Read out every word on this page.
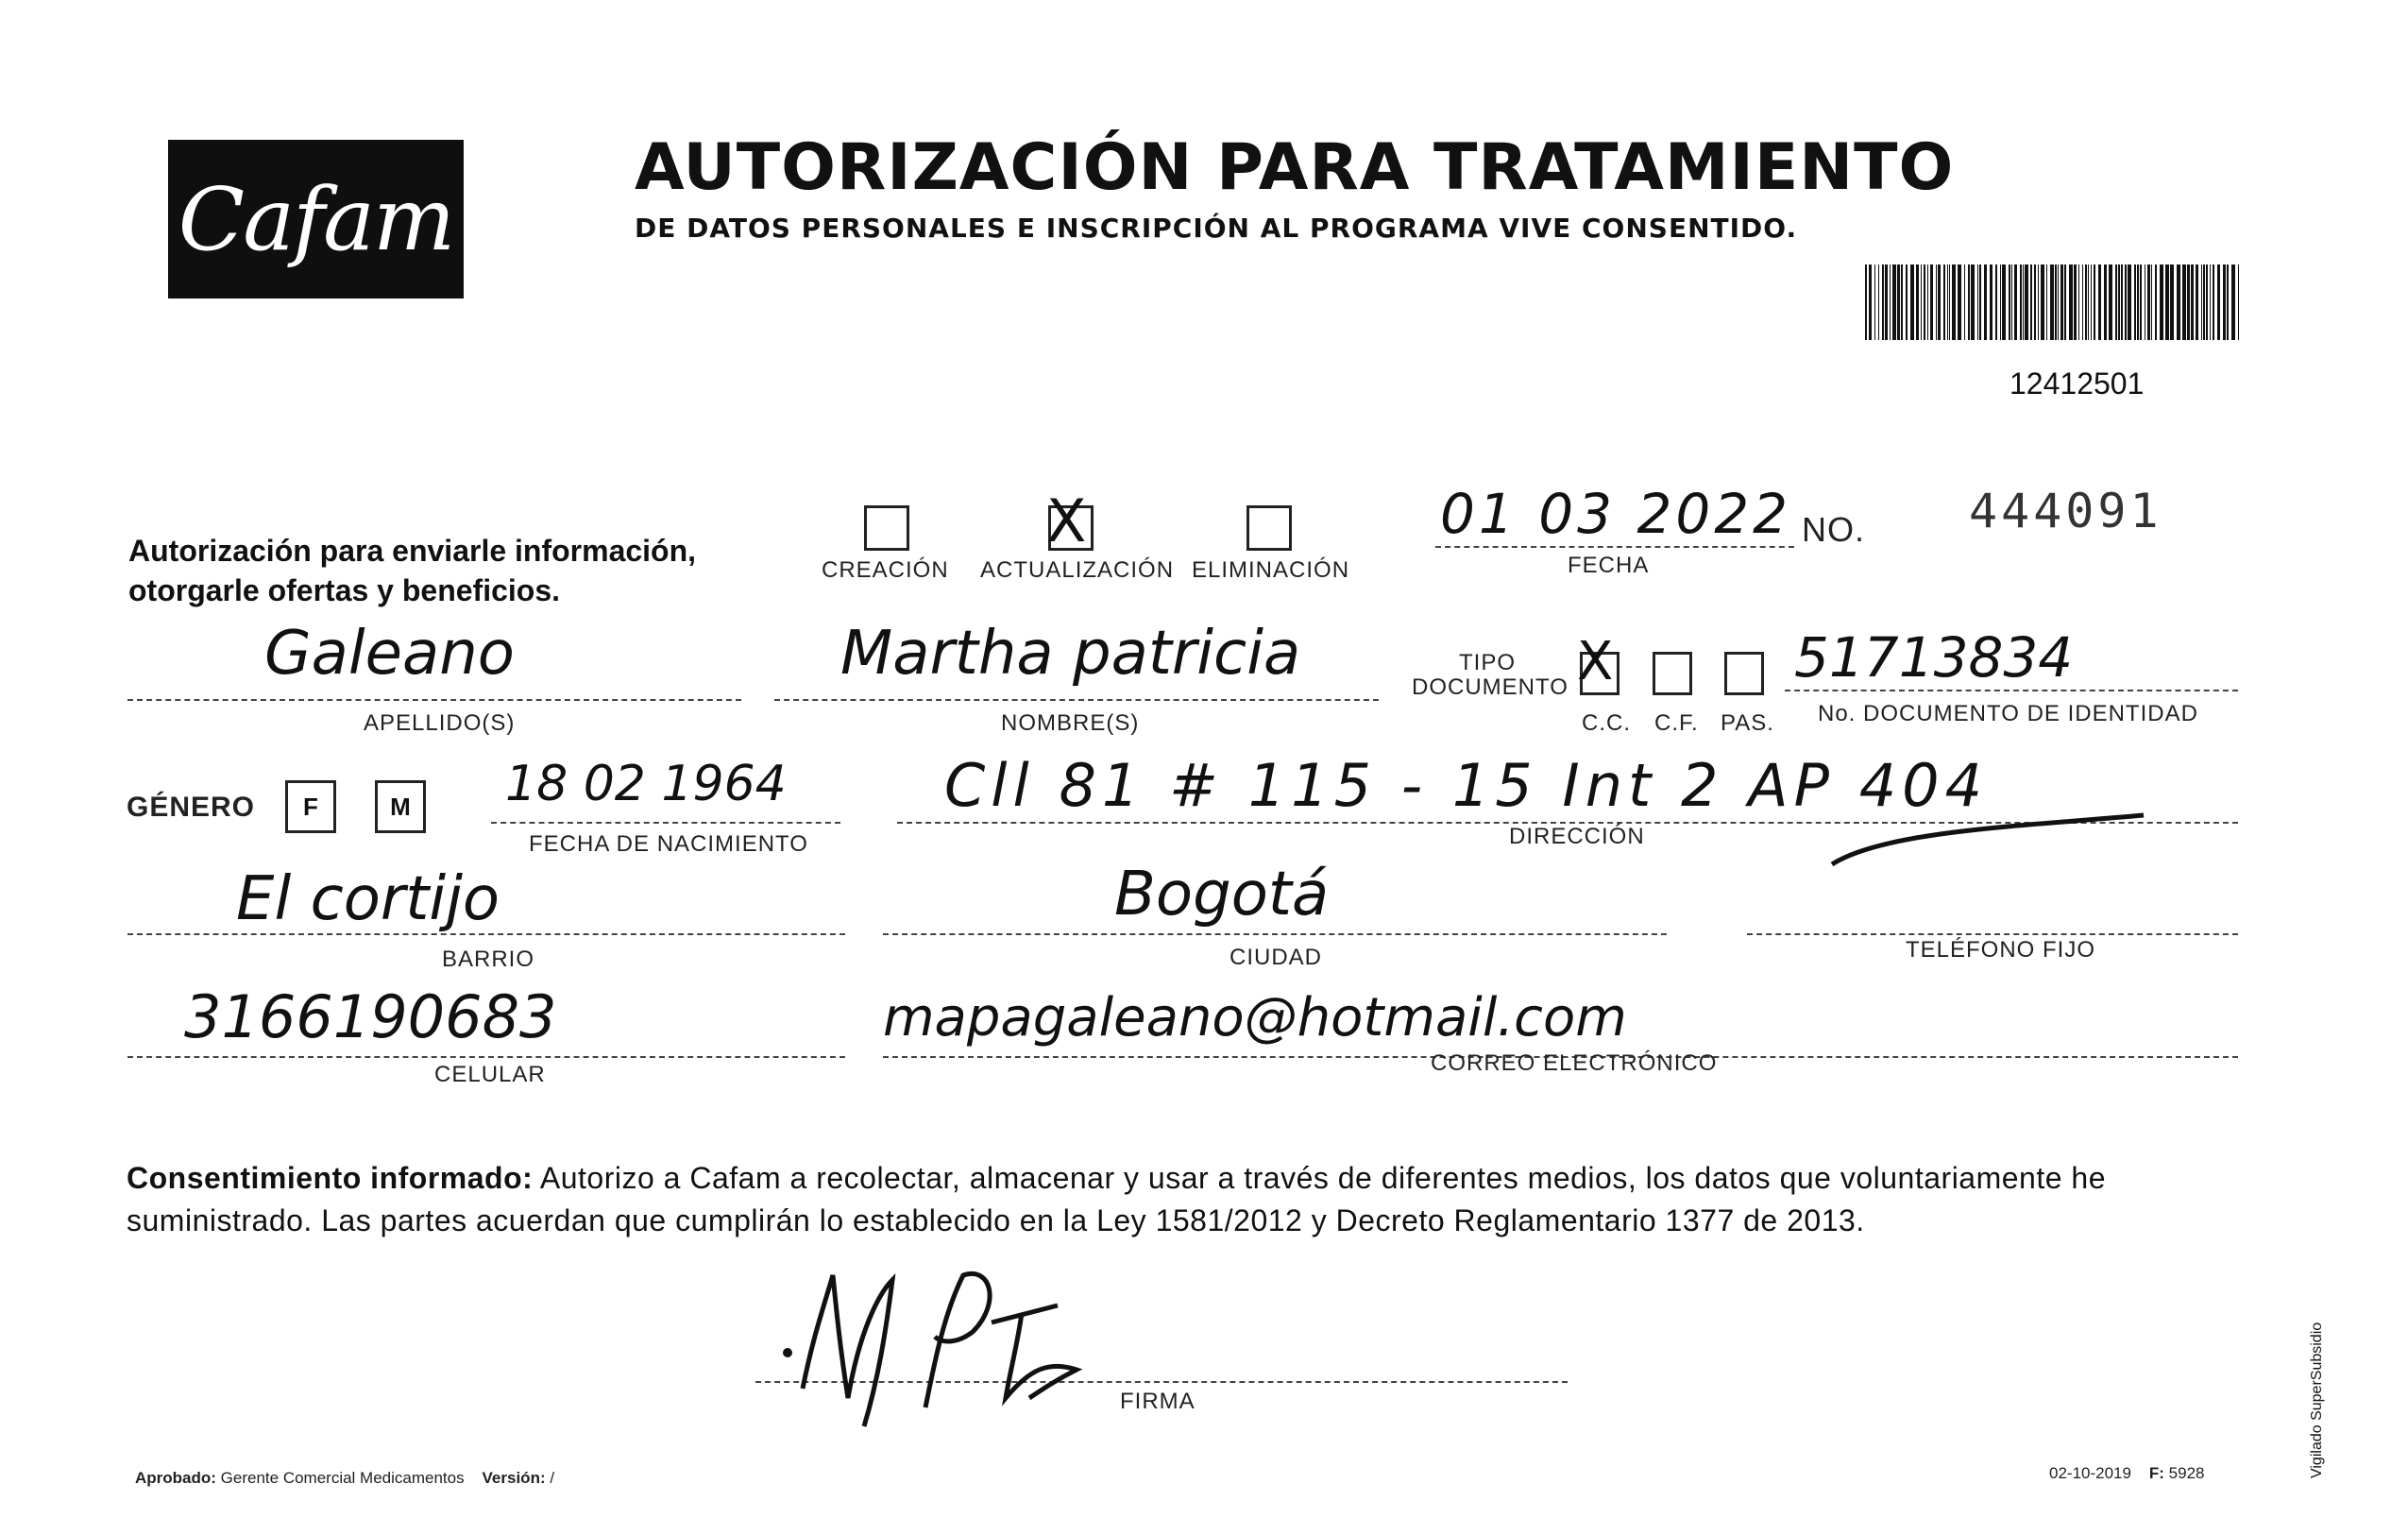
Cafam
AUTORIZACIÓN PARA TRATAMIENTO
DE DATOS PERSONALES E INSCRIPCIÓN AL PROGRAMA VIVE CONSENTIDO.
12412501
Autorización para enviarle información,
otorgarle ofertas y beneficios.
CREACIÓN
X
ACTUALIZACIÓN ELIMINACIÓN
01 03 2022
FECHA
NO. 444091
Galeano
APELLIDO(S)
Martha patricia
NOMBRE(S)
TIPO
DOCUMENTO X
C.C. C.F. PAS.
51713834
No. DOCUMENTO DE IDENTIDAD
GÉNERO F	M 18 02 1964
FECHA DE NACIMIENTO
Cll 81 # 115 - 15 Int 2 AP 404
DIRECCIÓN
El cortijo
BARRIO
Bogotá
CIUDAD	TELÉFONO FIJO
3166190683
CELULAR
mapagaleano@hotmail.com
CORREO ELECTRÓNICO
Consentimiento informado: Autorizo a Cafam a recolectar, almacenar y usar a través de diferentes medios, los datos que voluntariamente he suministrado. Las partes acuerdan que cumplirán lo establecido en la Ley 1581/2012 y Decreto Reglamentario 1377 de 2013.
FIRMA
Aprobado: Gerente Comercial Medicamentos Versión: /	02-10-2019 F: 5928	Vigilado SuperSubsidio
